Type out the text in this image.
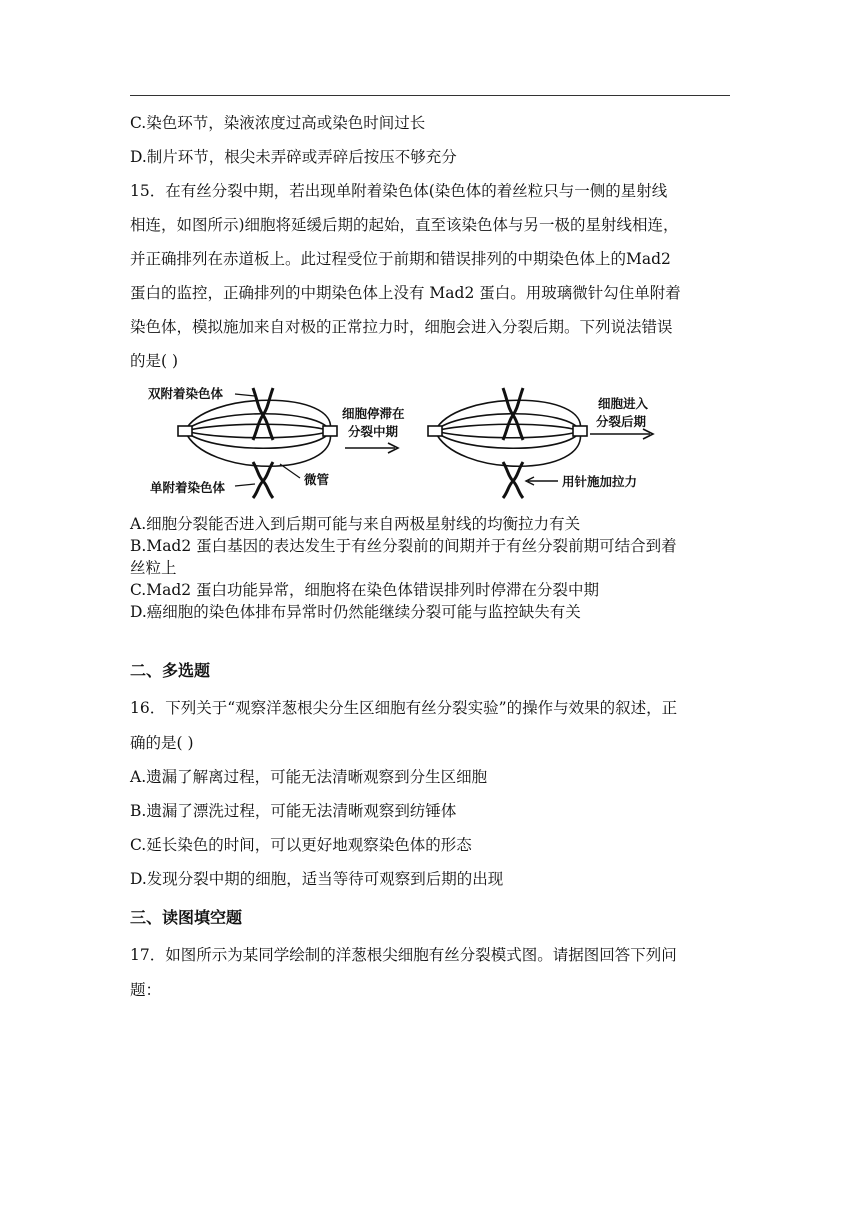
C.染色环节，染液浓度过高或染色时间过长
D.制片环节，根尖未弄碎或弄碎后按压不够充分
15．在有丝分裂中期，若出现单附着染色体(染色体的着丝粒只与一侧的星射线
相连，如图所示)细胞将延缓后期的起始，直至该染色体与另一极的星射线相连，
并正确排列在赤道板上。此过程受位于前期和错误排列的中期染色体上的Mad2
蛋白的监控，正确排列的中期染色体上没有 Mad2 蛋白。用玻璃微针勾住单附着
染色体，模拟施加来自对极的正常拉力时，细胞会进入分裂后期。下列说法错误
的是( )
双附着染色体
单附着染色体
微管
细胞停滞在
分裂中期
细胞进入
分裂后期
用针施加拉力
A.细胞分裂能否进入到后期可能与来自两极星射线的均衡拉力有关
B.Mad2 蛋白基因的表达发生于有丝分裂前的间期并于有丝分裂前期可结合到着
丝粒上
C.Mad2 蛋白功能异常，细胞将在染色体错误排列时停滞在分裂中期
D.癌细胞的染色体排布异常时仍然能继续分裂可能与监控缺失有关
二、多选题
16．下列关于“观察洋葱根尖分生区细胞有丝分裂实验”的操作与效果的叙述，正
确的是( )
A.遗漏了解离过程，可能无法清晰观察到分生区细胞
B.遗漏了漂洗过程，可能无法清晰观察到纺锤体
C.延长染色的时间，可以更好地观察染色体的形态
D.发现分裂中期的细胞，适当等待可观察到后期的出现
三、读图填空题
17．如图所示为某同学绘制的洋葱根尖细胞有丝分裂模式图。请据图回答下列问
题：
